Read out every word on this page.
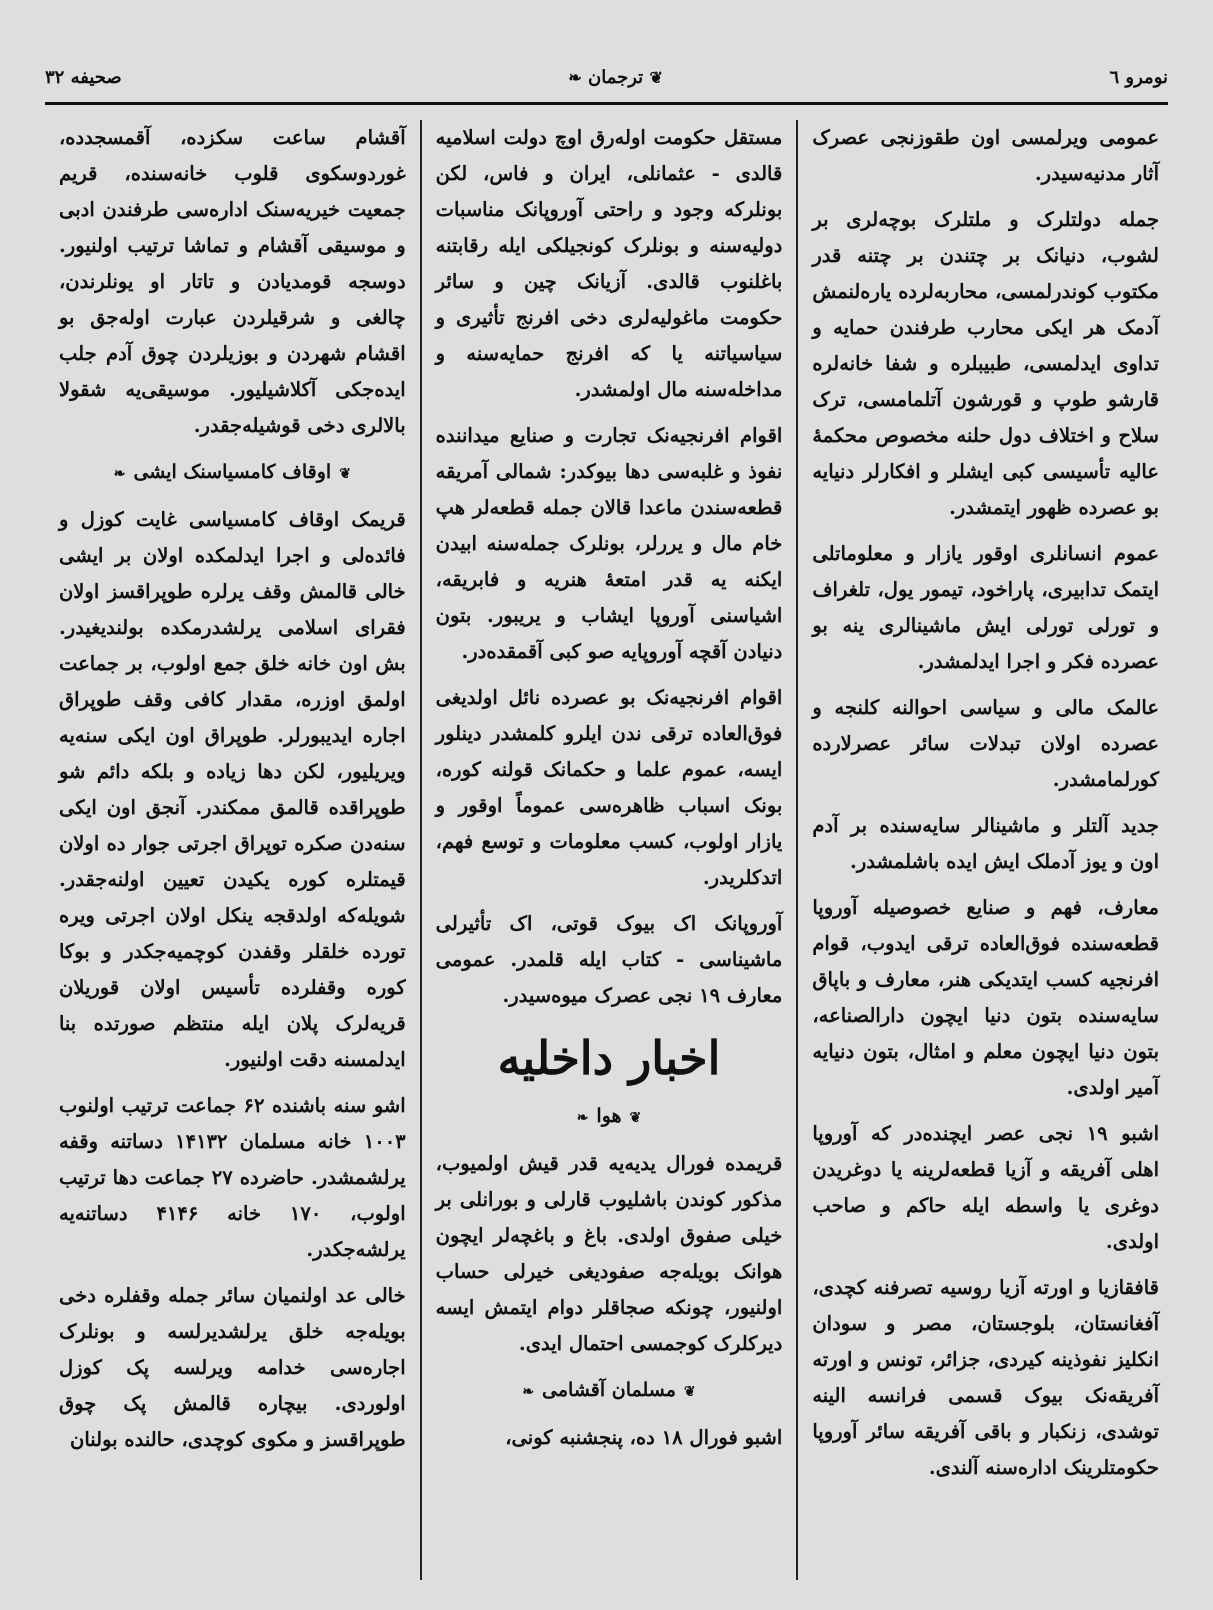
صحیفه ۳۲	❧ ترجمان ❦	نومرو ٦

عمومی ویرلمسی اون طقوزنجی عصرک آثار مدنیه‌سیدر.

جمله دولتلرک و ملتلرک بوچه‌لری بر لشوب، دنیانک بر چتندن بر چتنه قدر مکتوب کوندرلمسی، محاربه‌لرده یارەلنمش آدمک هر ایکی محارب طرفندن حمایه و تداوی ایدلمسی، طبیبلره و شفا خانه‌لره قارشو طوپ و قورشون آتلمامسی، ترک سلاح و اختلاف دول حلنه مخصوص محکمهٔ عالیه تأسیسی کبی ایشلر و افکارلر دنیایه بو عصرده ظهور ایتمشدر.

عموم انسانلری اوقور یازار و معلوماتلی ایتمک تدابیری، پاراخود، تیمور یول، تلغراف و تورلی تورلی ایش ماشینالری ینه بو عصرده فکر و اجرا ایدلمشدر.

عالمک مالی و سیاسی احوالنه کلنجه و عصرده اولان تبدلات سائر عصرلارده کورلمامشدر.

جدید آلتلر و ماشینالر سایه‌سنده بر آدم اون و یوز آدملک ایش ایده باشلمشدر.

معارف، فهم و صنایع خصوصیله آوروپا قطعه‌سنده فوق‌العاده ترقی ایدوب، قوام افرنجیه کسب ایتدیکی هنر، معارف و باپاق سایه‌سنده بتون دنیا ایچون دارالصناعه، بتون دنیا ایچون معلم و امثال، بتون دنیایه آمیر اولدی.

اشبو ۱۹ نجی عصر ایچنده‌در که آوروپا اهلی آفریقه و آزیا قطعه‌لرینه یا دوغریدن دوغری یا واسطه ایله حاکم و صاحب اولدی.

قافقازیا و اورته آزیا روسیه تصرفنه کچدی، آفغانستان، بلوجستان، مصر و سودان انکلیز نفوذینه کیردی، جزائر، تونس و اورته آفریقه‌نک بیوک قسمی فرانسه الینه توشدی، زنکبار و باقی آفریقه سائر آوروپا حکومتلرینک اداره‌سنه آلندی.

مستقل حکومت اولەرق اوچ دولت اسلامیه قالدی - عثمانلی، ایران و فاس، لکن بونلرکه وجود و راحتی آوروپانک مناسبات دولیه‌سنه و بونلرک کونجیلکی ایله رقابتنه باغلنوب قالدی. آزیانک چین و سائر حکومت ماغولیه‌لری دخی افرنج تأثیری و سیاسیاتنه یا که افرنج حمایه‌سنه و مداخله‌سنه مال اولمشدر.

اقوام افرنجیه‌نک تجارت و صنایع میداننده نفوذ و غلبه‌سی دها بیوکدر: شمالی آمریقه قطعه‌سندن ماعدا قالان جمله قطعه‌لر هپ خام مال و یررلر، بونلرک جمله‌سنه ابیدن ایکنه یه قدر امتعهٔ هنریه و فابریقه، اشیاسنی آوروپا ایشاب و یریبور. بتون دنیادن آقچه آوروپایه صو کبی آقمقده‌در.

اقوام افرنجیه‌نک بو عصرده نائل اولدیغی فوق‌العاده ترقی ندن ایلرو کلمشدر دینلور ایسه، عموم علما و حکمانک قولنه کوره، بونک اسباب ظاهره‌سی عموماً اوقور و یازار اولوب، کسب معلومات و توسع فهم، اتدکلریدر.

آوروپانک اک بیوک قوتی، اک تأثیرلی ماشیناسی - کتاب ایله قلمدر. عمومی معارف ۱۹ نجی عصرک میوه‌سیدر.

اخبار داخلیه
❦هوا❧

قریمده فورال یدیه‌یه قدر قیش اولمیوب، مذکور کوندن باشلیوب قارلی و بورانلی بر خیلی صفوق اولدی. باغ و باغچه‌لر ایچون هوانک بویله‌جه صفودیغی خیرلی حساب اولنیور، چونکه صجاقلر دوام ایتمش ایسه دیرکلرک کوجمسی احتمال ایدی.

❦مسلمان آقشامی❧

اشبو فورال ۱۸ ده، پنجشنبه کونی،

آقشام ساعت سکزده، آقمسجدده، غوردوسکوی قلوب خانه‌سنده، قریم جمعیت خیریه‌سنک اداره‌سی طرفندن ادبی و موسیقی آقشام و تماشا ترتیب اولنیور. دوسجه قومدیادن و تاتار او یونلرندن، چالغی و شرقیلردن عبارت اولەجق بو اقشام شهردن و بوزیلردن چوق آدم جلب ایدەجکی آکلاشیلیور. موسیقی‌یه شقولا بالالری دخی قوشیله‌جقدر.

❦اوقاف کامسیاسنک ایشی❧

قریمک اوقاف کامسیاسی غایت کوزل و فائده‌لی و اجرا ایدلمکده اولان بر ایشی خالی قالمش وقف یرلره طوپراقسز اولان فقرای اسلامی یرلشدرمکده بولندیغیدر. بش اون خانه خلق جمع اولوب، بر جماعت اولمق اوزره، مقدار کافی وقف طوپراق اجاره ایدیبورلر. طوپراق اون ایکی سنه‌یه ویریلیور، لکن دها زیاده و بلکه دائم شو طوپراقده قالمق ممکندر. آنجق اون ایکی سنه‌دن صکره توپراق اجرتی جوار ده اولان قیمتلره کوره یکیدن تعیین اولنه‌جقدر. شویله‌که اولدقجه ینکل اولان اجرتی ویره تورده خلقلر وقفدن کوچمیه‌جکدر و بوکا کوره وقفلرده تأسیس اولان قوریلان قریه‌لرک پلان ایله منتظم صورتده بنا ایدلمسنه دقت اولنیور.

اشو سنه باشنده ۶۲ جماعت ترتیب اولنوب ۱۰۰۳ خانه مسلمان ۱۴۱۳۲ دساتنه وقفه یرلشمشدر. حاضرده ۲۷ جماعت دها ترتیب اولوب، ۱۷۰ خانه ۴۱۴۶ دساتنه‌یه یرلشه‌جکدر.

خالی عد اولنمیان سائر جمله وقفلره دخی بویله‌جه خلق یرلشدیرلسه و بونلرک اجاره‌سی خدامه ویرلسه پک کوزل اولوردی. بیچاره قالمش پک چوق طوپراقسز و مکوی کوچدی، حالنده بولنان
